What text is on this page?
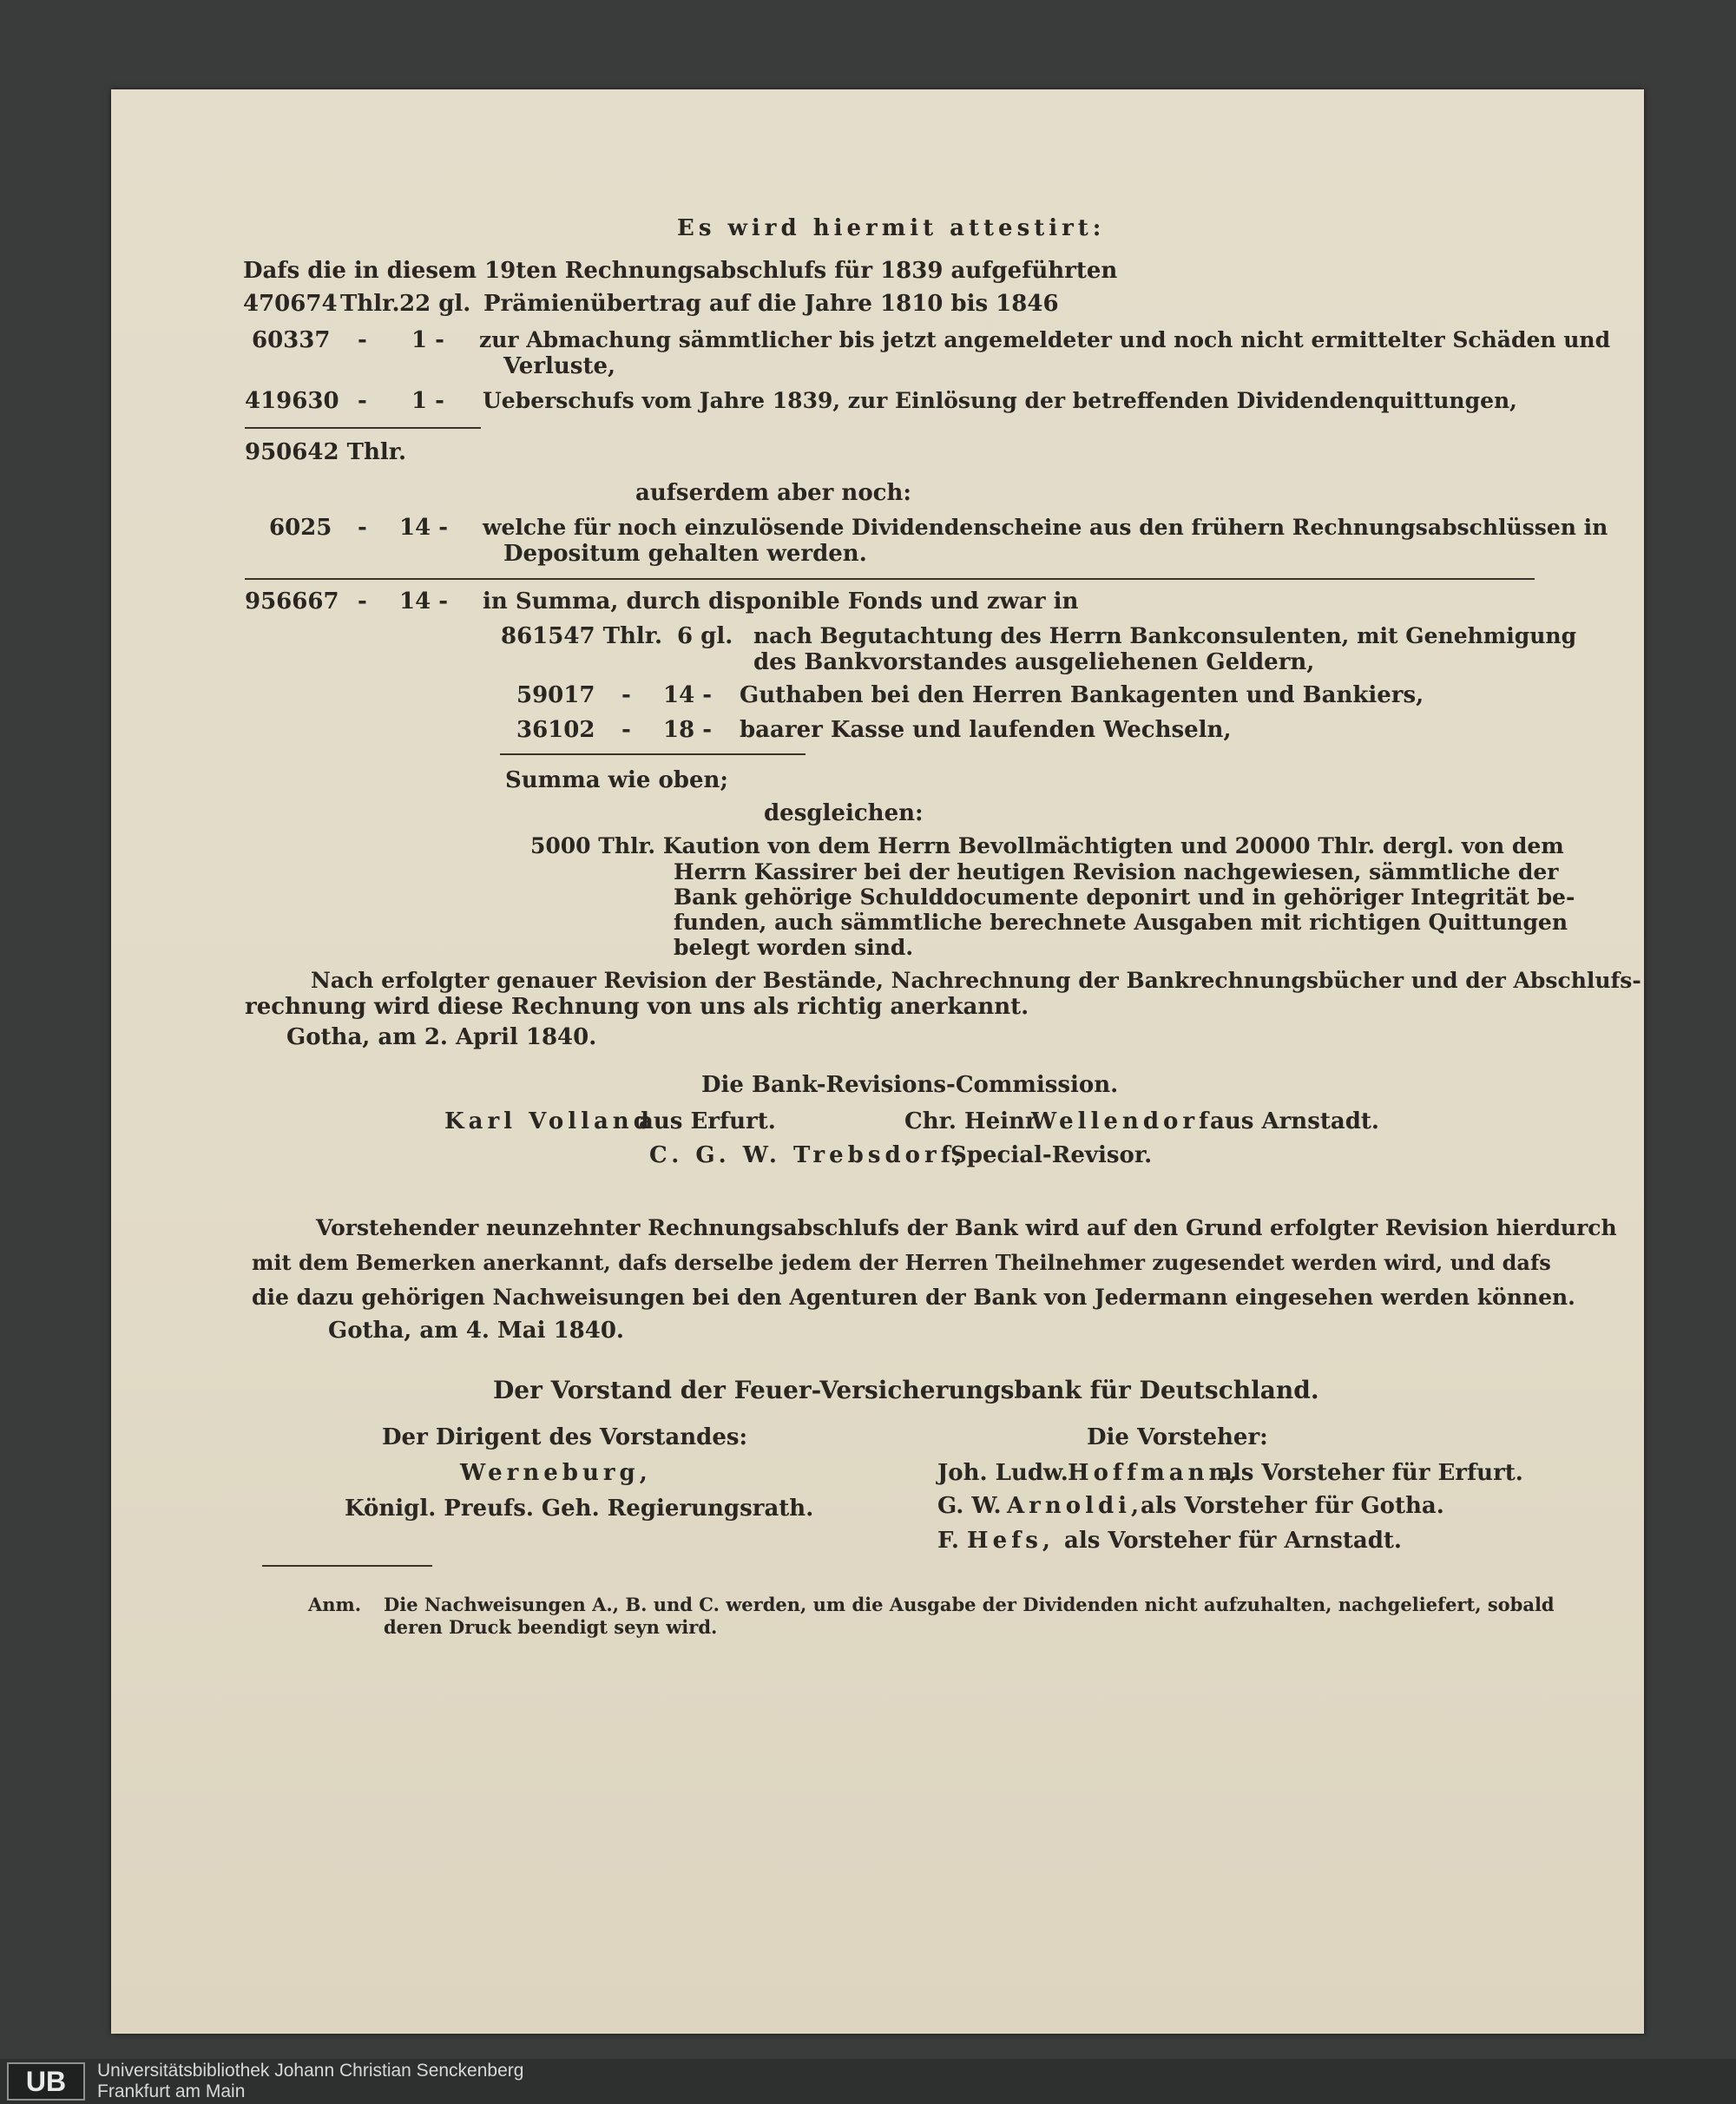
Es wird hiermit attestirt:
Dafs die in diesem 19ten Rechnungsabschlufs für 1839 aufgeführten
470674 Thlr. 22 gl. Prämienübertrag auf die Jahre 1810 bis 1846
60337 - 1 - zur Abmachung sämmtlicher bis jetzt angemeldeter und noch nicht ermittelter Schäden und
Verluste,
419630 - 1 - Ueberschufs vom Jahre 1839, zur Einlösung der betreffenden Dividendenquittungen,
950642 Thlr.
aufserdem aber noch:
6025 - 14 - welche für noch einzulösende Dividendenscheine aus den frühern Rechnungsabschlüssen in
Depositum gehalten werden.
956667 - 14 - in Summa, durch disponible Fonds und zwar in
861547 Thlr. 6 gl. nach Begutachtung des Herrn Bankconsulenten, mit Genehmigung
des Bankvorstandes ausgeliehenen Geldern,
59017 - 14 - Guthaben bei den Herren Bankagenten und Bankiers,
36102 - 18 - baarer Kasse und laufenden Wechseln,
Summa wie oben;
desgleichen:
5000 Thlr. Kaution von dem Herrn Bevollmächtigten und 20000 Thlr. dergl. von dem
Herrn Kassirer bei der heutigen Revision nachgewiesen, sämmtliche der
Bank gehörige Schulddocumente deponirt und in gehöriger Integrität be-
funden, auch sämmtliche berechnete Ausgaben mit richtigen Quittungen
belegt worden sind.
Nach erfolgter genauer Revision der Bestände, Nachrechnung der Bankrechnungsbücher und der Abschlufs-
rechnung wird diese Rechnung von uns als richtig anerkannt.
Gotha, am 2. April 1840.
Die Bank-Revisions-Commission.
Karl Volland
aus Erfurt.	Chr. Heinr.
Wellendorf
aus Arnstadt.
C. G. W. Trebsdorf,
Special-Revisor.
Vorstehender neunzehnter Rechnungsabschlufs der Bank wird auf den Grund erfolgter Revision hierdurch
mit dem Bemerken anerkannt, dafs derselbe jedem der Herren Theilnehmer zugesendet werden wird, und dafs
die dazu gehörigen Nachweisungen bei den Agenturen der Bank von Jedermann eingesehen werden können.
Gotha, am 4. Mai 1840.
Der Vorstand der Feuer-Versicherungsbank für Deutschland.
Der Dirigent des Vorstandes:
Werneburg,
Königl. Preufs. Geh. Regierungsrath.
Die Vorsteher:
Joh. Ludw. Hoffmann,
als Vorsteher für Erfurt.
G. W. Arnoldi,
als Vorsteher für Gotha.
F. Hefs, als Vorsteher für Arnstadt.
Anm. Die Nachweisungen A., B. und C. werden, um die Ausgabe der Dividenden nicht aufzuhalten, nachgeliefert, sobald
deren Druck beendigt seyn wird.
UB	Universitätsbibliothek Johann Christian Senckenberg
Frankfurt am Main
